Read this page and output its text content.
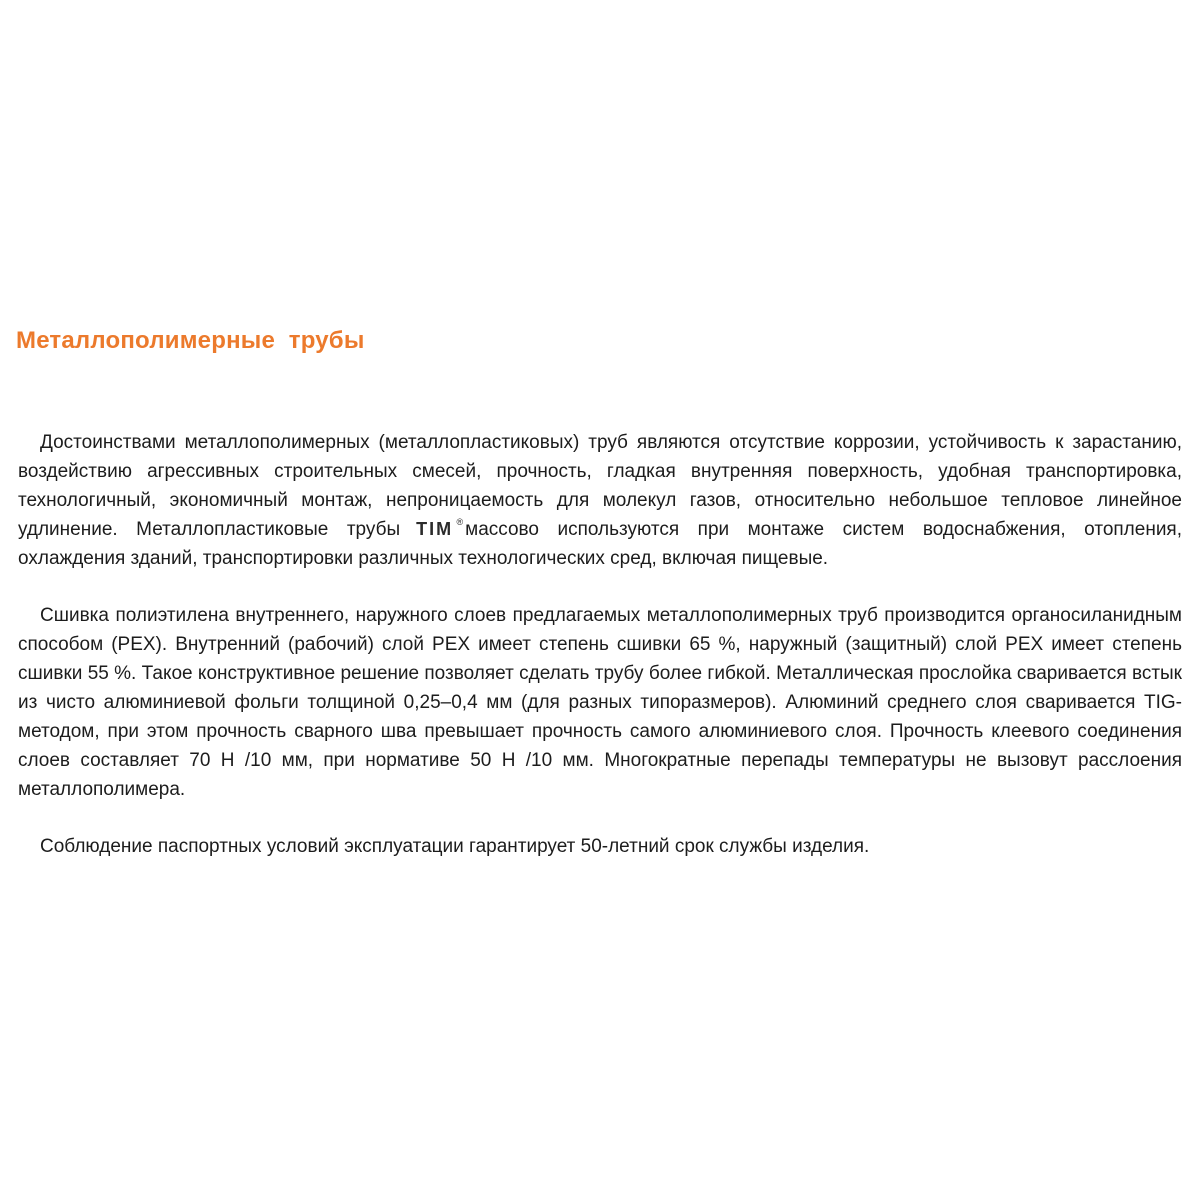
Металлополимерные  трубы

Достоинствами металлополимерных (металлопластиковых) труб являются отсутствие коррозии, устойчивость к зарастанию, воздействию агрессивных строительных смесей, прочность, гладкая внутренняя поверхность, удобная транспортировка, технологичный, экономичный монтаж, непроницаемость для молекул газов, относительно небольшое тепловое линейное удлинение. Металлопластиковые трубы TIM ® массово используются при монтаже систем водоснабжения, отопления, охлаждения зданий, транспортировки различных технологических сред, включая пищевые.

Сшивка полиэтилена внутреннего, наружного слоев предлагаемых металлополимерных труб производится органосиланидным способом (PEX). Внутренний (рабочий) слой PEX имеет степень сшивки 65 %, наружный (защитный) слой PEX имеет степень сшивки 55 %. Такое конструктивное решение позволяет сделать трубу более гибкой. Металлическая прослойка сваривается встык из чисто алюминиевой фольги толщиной 0,25–0,4 мм (для разных типоразмеров). Алюминий среднего слоя сваривается TIG-методом, при этом прочность сварного шва превышает прочность самого алюминиевого слоя. Прочность клеевого соединения слоев составляет 70 Н /10 мм, при нормативе 50 Н /10 мм. Многократные перепады температуры не вызовут расслоения металлополимера.

Соблюдение паспортных условий эксплуатации гарантирует 50-летний срок службы изделия.
